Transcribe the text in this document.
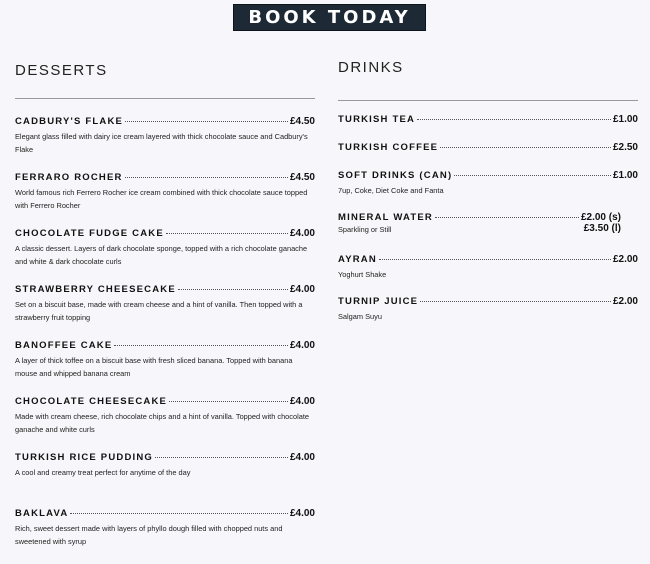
BOOK TODAY
DESSERTS
CADBURY'S FLAKE	£4.50
Elegant glass filled with dairy ice cream layered with thick chocolate sauce and Cadbury's Flake
FERRARO ROCHER	£4.50
World famous rich Ferrero Rocher ice cream combined with thick chocolate sauce topped with Ferrero Rocher
CHOCOLATE FUDGE CAKE	£4.00
A classic dessert. Layers of dark chocolate sponge, topped with a rich chocolate ganache and white & dark chocolate curls
STRAWBERRY CHEESECAKE	£4.00
Set on a biscuit base, made with cream cheese and a hint of vanilla. Then topped with a strawberry fruit topping
BANOFFEE CAKE	£4.00
A layer of thick toffee on a biscuit base with fresh sliced banana. Topped with banana mouse and whipped banana cream
CHOCOLATE CHEESECAKE	£4.00
Made with cream cheese, rich chocolate chips and a hint of vanilla. Topped with chocolate ganache and white curls
TURKISH RICE PUDDING	£4.00
A cool and creamy treat perfect for anytime of the day
BAKLAVA	£4.00
Rich, sweet dessert made with layers of phyllo dough filled with chopped nuts and sweetened with syrup
DRINKS
TURKISH TEA	£1.00
TURKISH COFFEE	£2.50
SOFT DRINKS (CAN)	£1.00
7up, Coke, Diet Coke and Fanta
MINERAL WATER	£2.00 (s)
Sparkling or Still	£3.50 (l)
AYRAN	£2.00
Yoghurt Shake
TURNIP JUICE	£2.00
Salgam Suyu
